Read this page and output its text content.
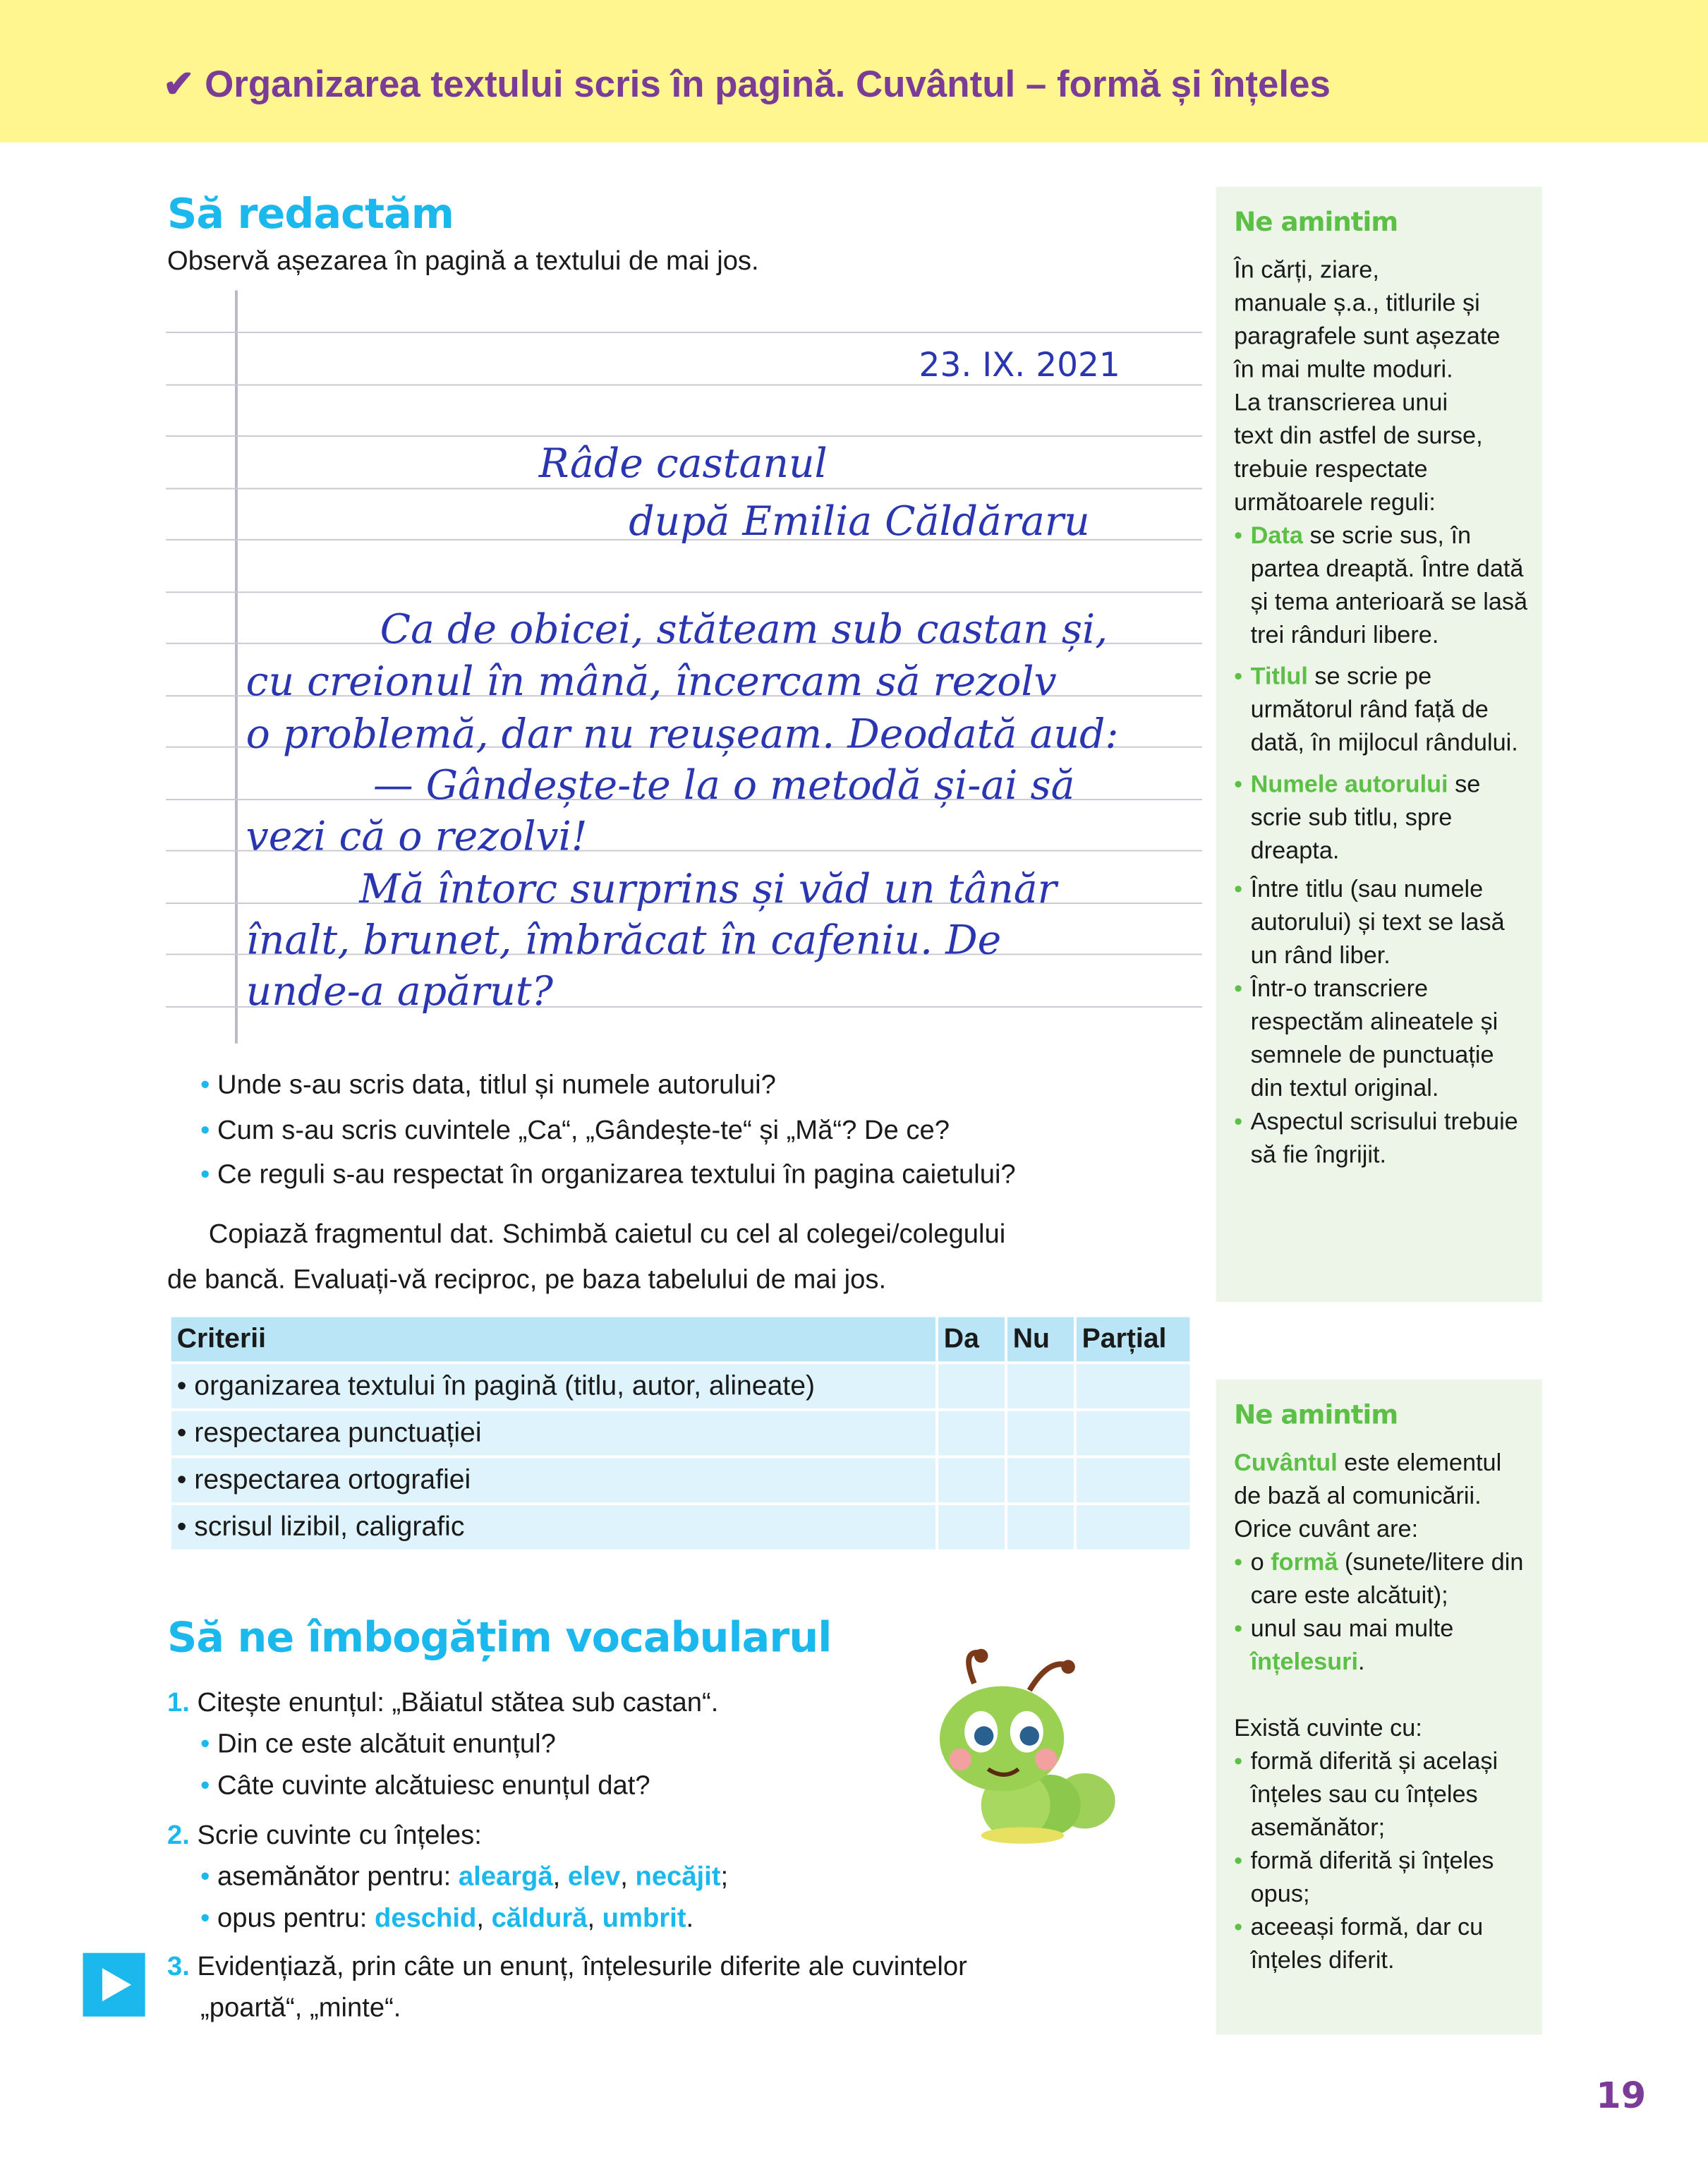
✔ Organizarea textului scris în pagină. Cuvântul – formă și înțeles
Să redactăm
Observă așezarea în pagină a textului de mai jos.
23. IX. 2021
Râde castanul
după Emilia Căldăraru
Ca de obicei, stăteam sub castan și,
cu creionul în mână, încercam să rezolv
o problemă, dar nu reușeam. Deodată aud:
— Gândește-te la o metodă și-ai să
vezi că o rezolvi!
Mă întorc surprins și văd un tânăr
înalt, brunet, îmbrăcat în cafeniu. De
unde-a apărut?
• Unde s-au scris data, titlul și numele autorului?
• Cum s-au scris cuvintele „Ca“, „Gândește-te“ și „Mă“? De ce?
• Ce reguli s-au respectat în organizarea textului în pagina caietului?
Copiază fragmentul dat. Schimbă caietul cu cel al colegei/colegului
de bancă. Evaluați-vă reciproc, pe baza tabelului de mai jos.
Criterii	Da	Nu	Parțial
• organizarea textului în pagină (titlu, autor, alineate)			
• respectarea punctuației			
• respectarea ortografiei			
• scrisul lizibil, caligrafic			
Să ne îmbogățim vocabularul
1. Citește enunțul: „Băiatul stătea sub castan“.
• Din ce este alcătuit enunțul?
• Câte cuvinte alcătuiesc enunțul dat?
2. Scrie cuvinte cu înțeles:
• asemănător pentru: aleargă, elev, necăjit;
• opus pentru: deschid, căldură, umbrit.
3. Evidențiază, prin câte un enunț, înțelesurile diferite ale cuvintelor
„poartă“, „minte“.
Ne amintim

În cărți, ziare,
manuale ș.a., titlurile și
paragrafele sunt așezate
în mai multe moduri.
La transcrierea unui
text din astfel de surse,
trebuie respectate
următoarele reguli:

• Data se scrie sus, în partea dreaptă. Între dată și tema anterioară se lasă trei rânduri libere.
• Titlul se scrie pe următorul rând față de dată, în mijlocul rândului.
• Numele autorului se scrie sub titlu, spre dreapta.
• Între titlu (sau numele autorului) și text se lasă un rând liber.
• Într-o transcriere respectăm alineatele și semnele de punctuație din textul original.
• Aspectul scrisului trebuie să fie îngrijit.
Ne amintim

Cuvântul este elementul de bază al comunicării. Orice cuvânt are:

• o formă (sunete/litere din care este alcătuit);
• unul sau mai multe înțelesuri.

Există cuvinte cu:

• formă diferită și același înțeles sau cu înțeles asemănător;
• formă diferită și înțeles opus;
• aceeași formă, dar cu înțeles diferit.
19
